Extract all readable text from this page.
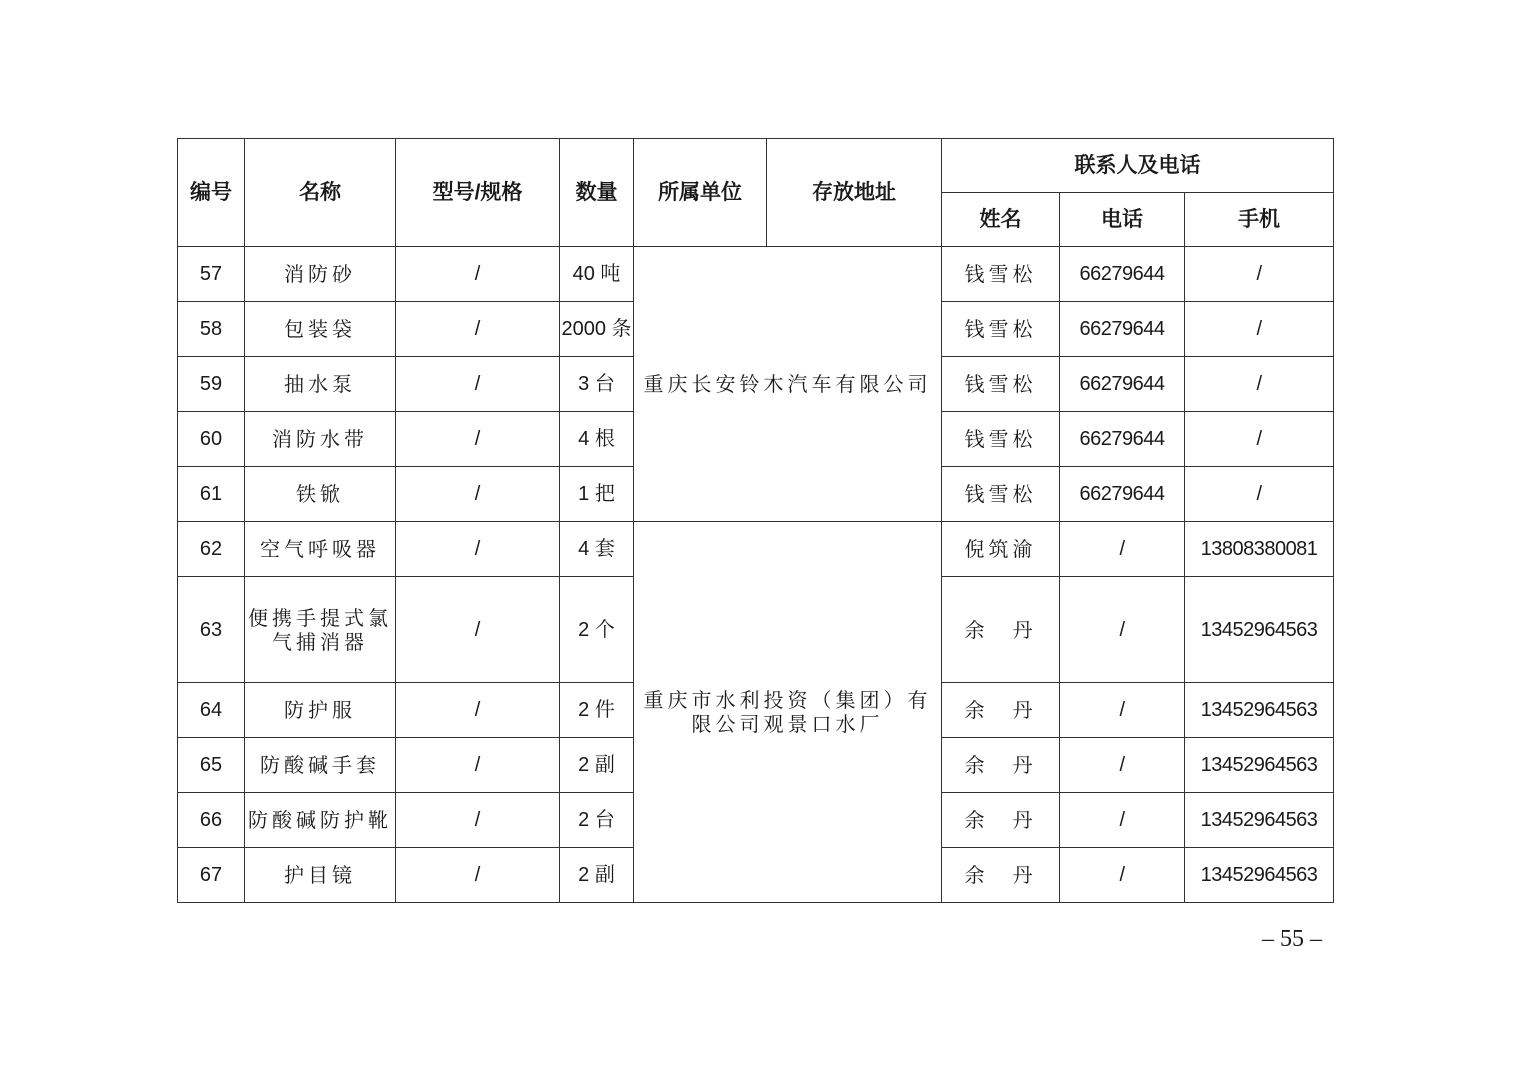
编号	名称	型号/规格	数量	所属单位	存放地址	联系人及电话		
						姓名	电话	手机
57	消防砂	/	40 吨	重庆长安铃木汽车有限公司		钱雪松	66279644	/
58	包装袋	/	2000 条			钱雪松	66279644	/
59	抽水泵	/	3 台			钱雪松	66279644	/
60	消防水带	/	4 根			钱雪松	66279644	/
61	铁锨	/	1 把			钱雪松	66279644	/
62	空气呼吸器	/	4 套	重庆市水利投资（集团）有限公司观景口水厂		倪筑渝	/	13808380081
63	便携手提式氯气捕消器	/	2 个			余　丹	/	13452964563
64	防护服	/	2 件			余　丹	/	13452964563
65	防酸碱手套	/	2 副			余　丹	/	13452964563
66	防酸碱防护靴	/	2 台			余　丹	/	13452964563
67	护目镜	/	2 副			余　丹	/	13452964563
– 55 –
